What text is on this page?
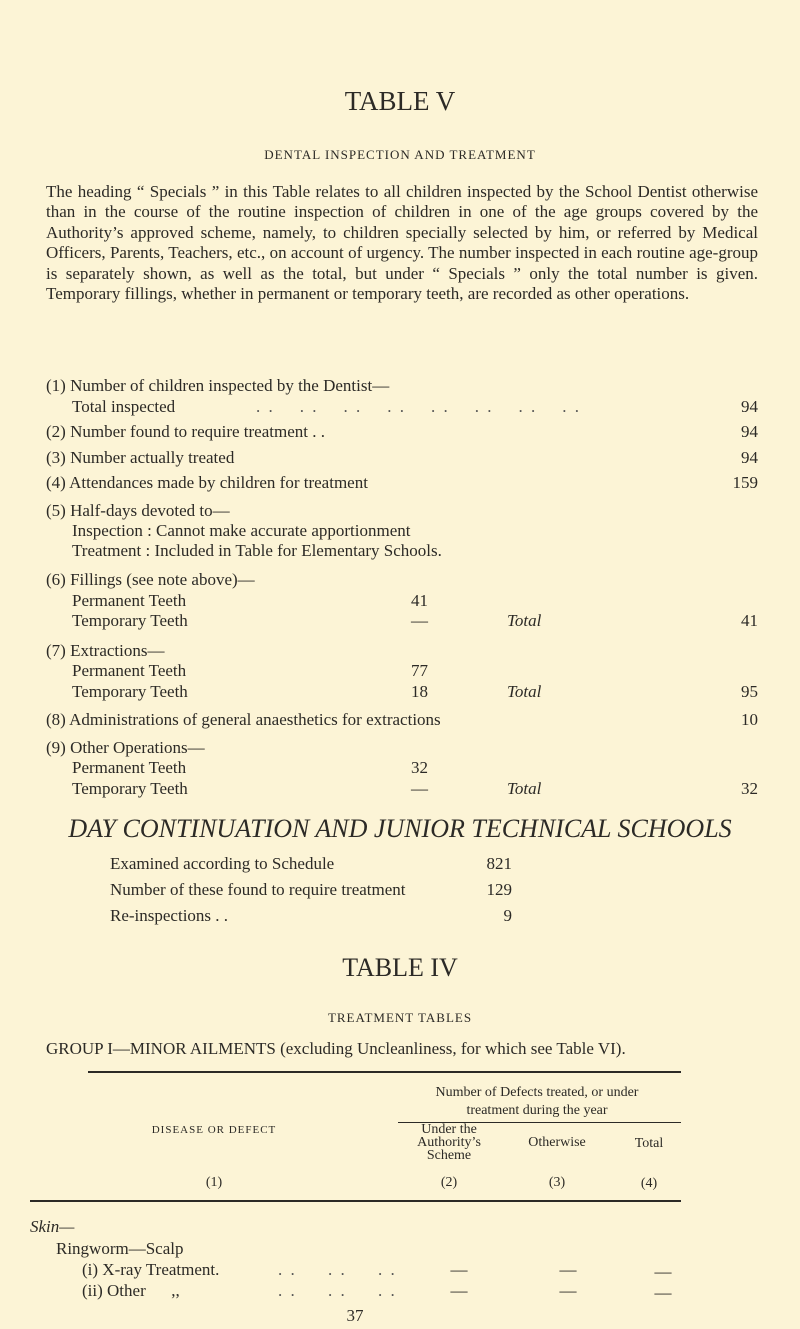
TABLE V
DENTAL INSPECTION AND TREATMENT
The heading “ Specials ” in this Table relates to all children inspected by the School Dentist otherwise than in the course of the routine inspection of children in one of the age groups covered by the Authority’s approved scheme, namely, to children specially selected by him, or referred by Medical Officers, Parents, Teachers, etc., on account of urgency. The number inspected in each routine age-group is separately shown, as well as the total, but under “ Specials ” only the total number is given. Temporary fillings, whether in permanent or temporary teeth, are recorded as other operations.
(1) Number of children inspected by the Dentist—
Total inspected	. .    . .    . .    . .    . .    . .    . .    . .	94
(2) Number found to require treatment . .	94
(3) Number actually treated	94
(4) Attendances made by children for treatment	159
(5) Half-days devoted to—
Inspection : Cannot make accurate apportionment
Treatment : Included in Table for Elementary Schools.
(6) Fillings (see note above)—
Permanent Teeth	41
Temporary Teeth	—	Total	41
(7) Extractions—
Permanent Teeth	77
Temporary Teeth	18	Total	95
(8) Administrations of general anaesthetics for extractions	10
(9) Other Operations—
Permanent Teeth	32
Temporary Teeth	—	Total	32
DAY CONTINUATION AND JUNIOR TECHNICAL SCHOOLS
Examined according to Schedule	821
Number of these found to require treatment	129
Re-inspections . .	9
TABLE IV
TREATMENT TABLES
GROUP I—MINOR AILMENTS (excluding Uncleanliness, for which see Table VI).
Number of Defects treated, or under
treatment during the year
DISEASE OR DEFECT	Under the
Authority’s
Scheme
Otherwise	Total
(1)	(2)	(3)	(4)
Skin—
Ringworm—Scalp
(i) X-ray Treatment.	. .     . .     . .	—	—	—
(ii) Other      ,,	. .     . .     . .	—	—	—
37
